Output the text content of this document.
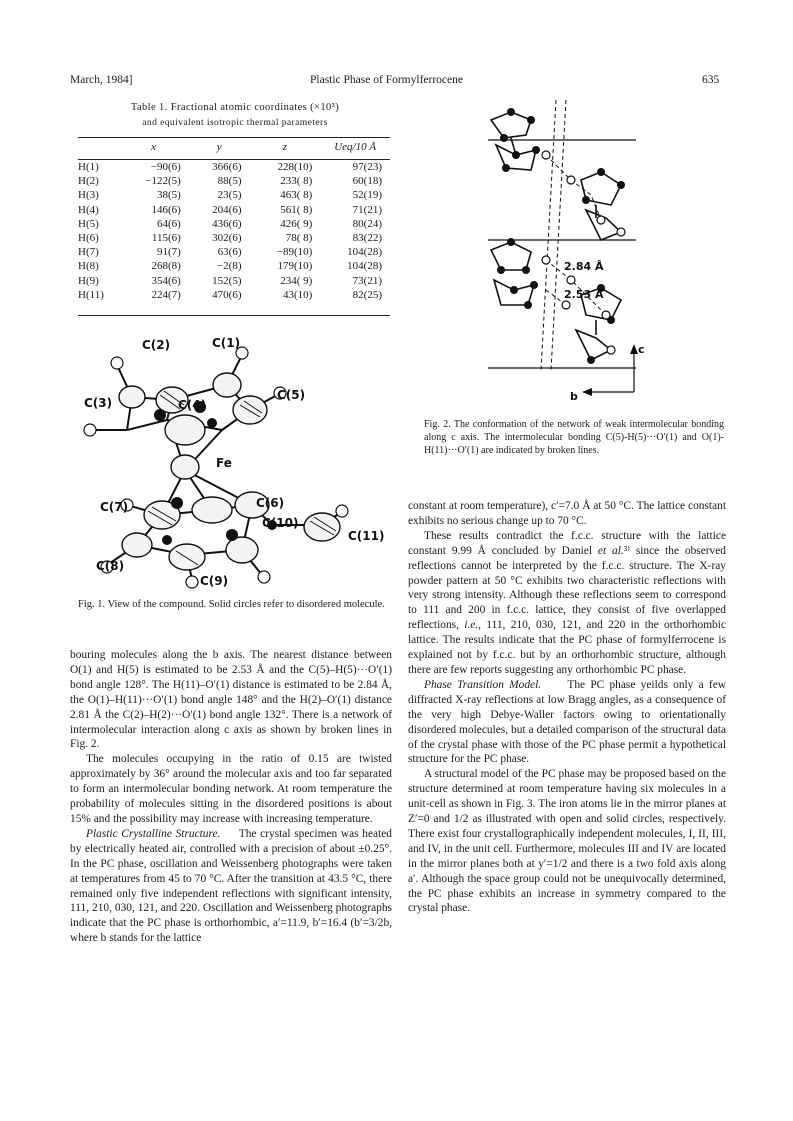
March, 1984]	Plastic Phase of Formylferrocene	635
Table 1. Fractional atomic coordinates (×10³)
and equivalent isotropic thermal parameters
	x	y	z	Ueq/10 Å
H(1)	−90(6)	366(6)	228(10)	97(23)
H(2)	−122(5)	88(5)	233( 8)	60(18)
H(3)	38(5)	23(5)	463( 8)	52(19)
H(4)	146(6)	204(6)	561( 8)	71(21)
H(5)	64(6)	436(6)	426( 9)	80(24)
H(6)	115(6)	302(6)	78( 8)	83(22)
H(7)	91(7)	63(6)	−89(10)	104(28)
H(8)	268(8)	−2(8)	179(10)	104(28)
H(9)	354(6)	152(5)	234( 9)	73(21)
H(11)	224(7)	470(6)	43(10)	82(25)
C(2)	C(1)
C(3)	C(4)
C(5)
Fe
C(7)	C(6)
C(10)
C(11)
C(8)
C(9)
Fig. 1. View of the compound. Solid circles refer to disordered molecule.
2.84 Å
2.53 Å
c
b
Fig. 2. The conformation of the network of weak intermolecular bonding along c axis. The intermolecular bonding C(5)-H(5)···O′(1) and O(1)-H(11)···O′(1) are indicated by broken lines.

bouring molecules along the b axis. The nearest distance between O(1) and H(5) is estimated to be 2.53 Å and the C(5)–H(5)···O′(1) bond angle 128°. The H(11)–O′(1) distance is estimated to be 2.84 Å, the O(1)–H(11)···O′(1) bond angle 148° and the H(2)–O′(1) distance 2.81 Å the C(2)–H(2)···O′(1) bond angle 132°. There is a network of intermolecular interaction along c axis as shown by broken lines in Fig. 2.

The molecules occupying in the ratio of 0.15 are twisted approximately by 36° around the molecular axis and too far separated to form an intermolecular bonding network. At room temperature the probability of molecules sitting in the disordered positions is about 15% and the possibility may increase with increasing temperature.

Plastic Crystalline Structure. The crystal specimen was heated by electrically heated air, controlled with a precision of about ±0.25°. In the PC phase, oscillation and Weissenberg photographs were taken at temperatures from 45 to 70 °C. After the transition at 43.5 °C, there remained only five independent reflections with significant intensity, 111, 210, 030, 121, and 220. Oscillation and Weissenberg photographs indicate that the PC phase is orthorhombic, a′=11.9, b′=16.4 (b′=3/2b, where b stands for the lattice

constant at room temperature), c′=7.0 Å at 50 °C. The lattice constant exhibits no serious change up to 70 °C.

These results contradict the f.c.c. structure with the lattice constant 9.99 Å concluded by Daniel et al.³⁾ since the observed reflections cannot be interpreted by the f.c.c. structure. The X-ray powder pattern at 50 °C exhibits two characteristic reflections with very strong intensity. Although these reflections seem to correspond to 111 and 200 in f.c.c. lattice, they consist of five overlapped reflections, i.e., 111, 210, 030, 121, and 220 in the orthorhombic lattice. The results indicate that the PC phase of formylferrocene is explained not by f.c.c. but by an orthorhombic structure, although there are few reports suggesting any orthorhombic PC phase.

Phase Transition Model. The PC phase yeilds only a few diffracted X-ray reflections at low Bragg angles, as a consequence of the very high Debye-Waller factors owing to orientationally disordered molecules, but a detailed comparison of the structural data of the crystal phase with those of the PC phase permit a hypothetical structure for the PC phase.

A structural model of the PC phase may be proposed based on the structure determined at room temperature having six molecules in a unit-cell as shown in Fig. 3. The iron atoms lie in the mirror planes at Z′=0 and 1/2 as illustrated with open and solid circles, respectively. There exist four crystallographically independent molecules, I, II, III, and IV, in the unit cell. Furthermore, molecules III and IV are located in the mirror planes both at y′=1/2 and there is a two fold axis along a′. Although the space group could not be unequivocally determined, the PC phase exhibits an increase in symmetry compared to the crystal phase.
